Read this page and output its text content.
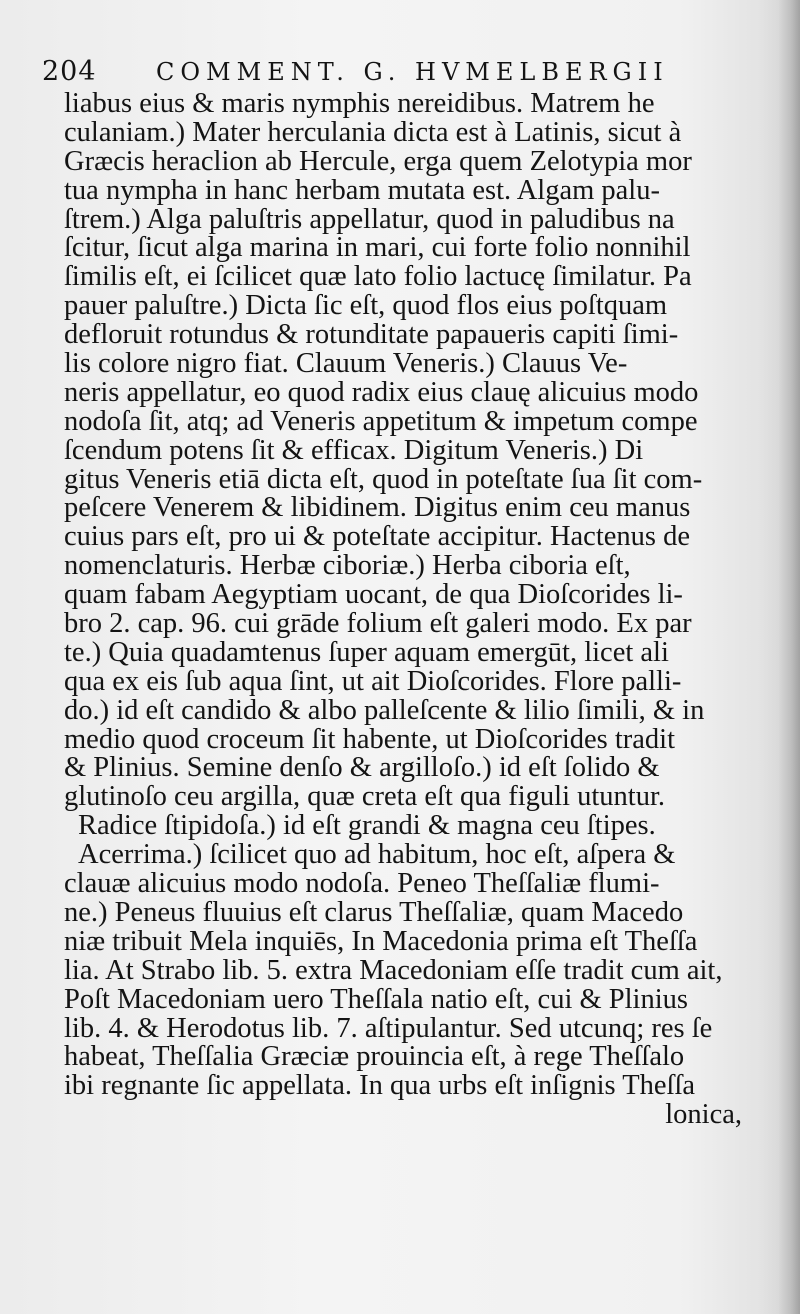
204 COMMENT. G. HVMELBERGII
liabus eius & maris nymphis nereidibus. Matrem he
culaniam.) Mater herculania dicta est à Latinis, sicut à
Græcis heraclion ab Hercule, erga quem Zelotypia mor
tua nympha in hanc herbam mutata est. Algam palu-
ſtrem.) Alga paluſtris appellatur, quod in paludibus na
ſcitur, ſicut alga marina in mari, cui forte folio nonnihil
ſimilis eſt, ei ſcilicet quæ lato folio lactucę ſimilatur. Pa
pauer paluſtre.) Dicta ſic eſt, quod flos eius poſtquam
defloruit rotundus & rotunditate papaueris capiti ſimi-
lis colore nigro fiat. Clauum Veneris.) Clauus Ve-
neris appellatur, eo quod radix eius clauę alicuius modo
nodoſa ſit, atq; ad Veneris appetitum & impetum compe
ſcendum potens ſit & efficax. Digitum Veneris.) Di
gitus Veneris etiā dicta eſt, quod in poteſtate ſua ſit com-
peſcere Venerem & libidinem. Digitus enim ceu manus
cuius pars eſt, pro ui & poteſtate accipitur. Hactenus de
nomenclaturis. Herbæ ciboriæ.) Herba ciboria eſt,
quam fabam Aegyptiam uocant, de qua Dioſcorides li-
bro 2. cap. 96. cui grāde folium eſt galeri modo. Ex par
te.) Quia quadamtenus ſuper aquam emergūt, licet ali
qua ex eis ſub aqua ſint, ut ait Dioſcorides. Flore palli-
do.) id eſt candido & albo palleſcente & lilio ſimili, & in
medio quod croceum ſit habente, ut Dioſcorides tradit
& Plinius. Semine denſo & argilloſo.) id eſt ſolido &
glutinoſo ceu argilla, quæ creta eſt qua figuli utuntur.
Radice ſtipidoſa.) id eſt grandi & magna ceu ſtipes.
Acerrima.) ſcilicet quo ad habitum, hoc eſt, aſpera &
clauæ alicuius modo nodoſa. Peneo Theſſaliæ flumi-
ne.) Peneus fluuius eſt clarus Theſſaliæ, quam Macedo
niæ tribuit Mela inquiēs, In Macedonia prima eſt Theſſa
lia. At Strabo lib. 5. extra Macedoniam eſſe tradit cum ait,
Poſt Macedoniam uero Theſſala natio eſt, cui & Plinius
lib. 4. & Herodotus lib. 7. aſtipulantur. Sed utcunq; res ſe
habeat, Theſſalia Græciæ prouincia eſt, à rege Theſſalo
ibi regnante ſic appellata. In qua urbs eſt inſignis Theſſa
lonica,
